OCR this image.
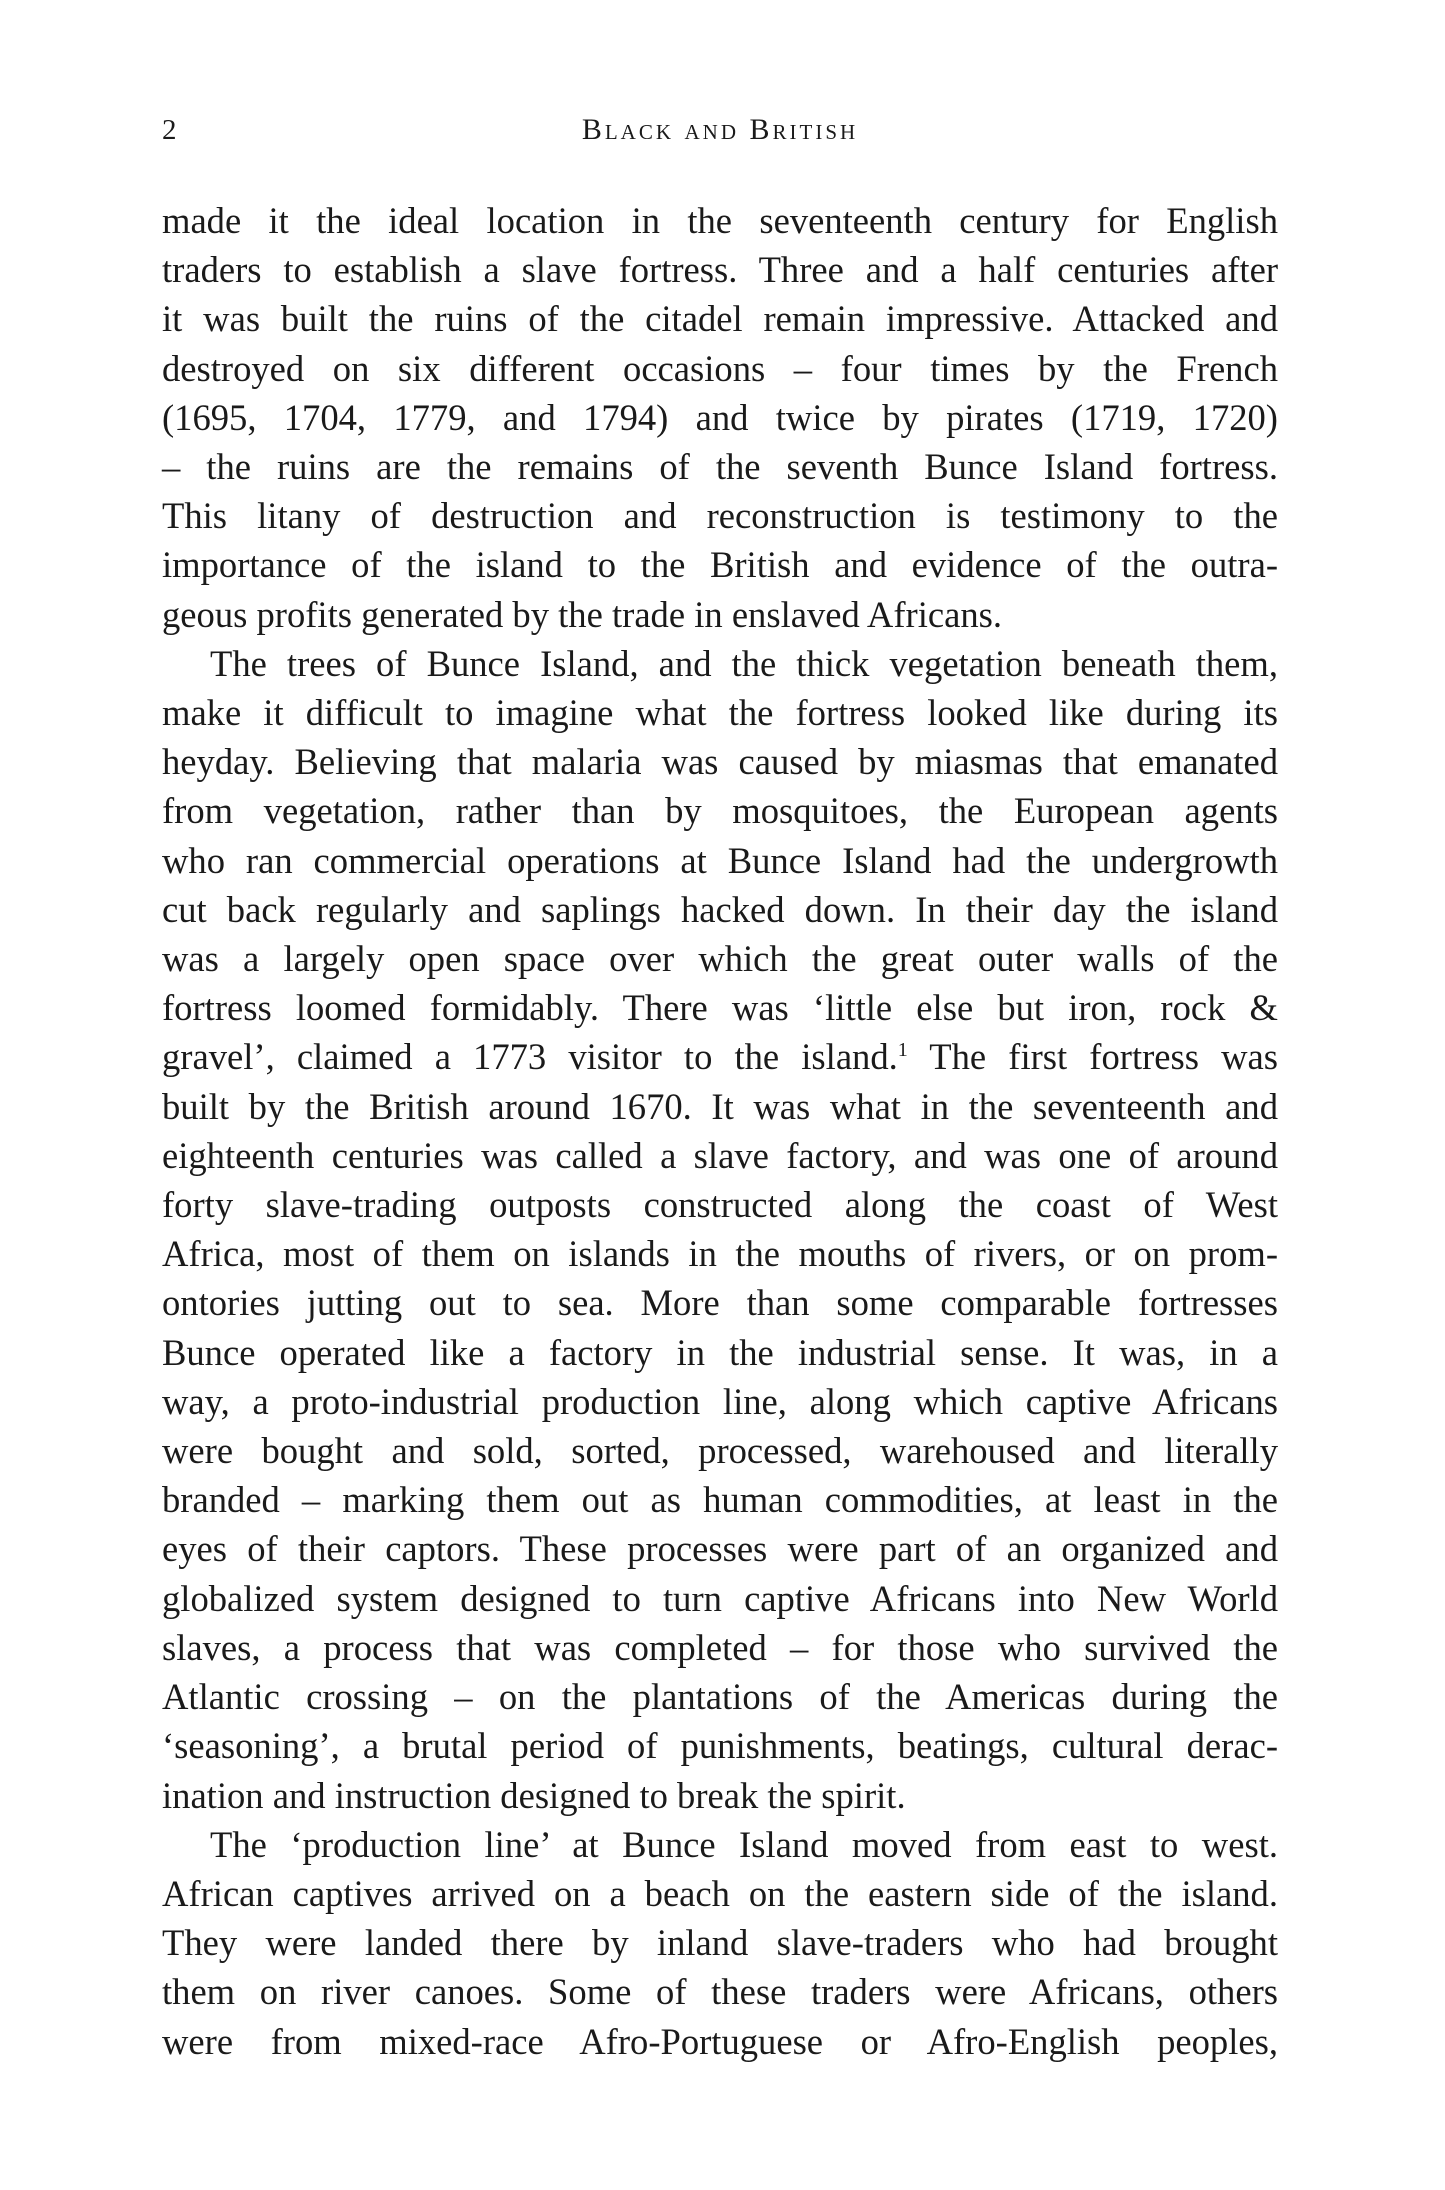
2	Black and British
made it the ideal location in the seventeenth century for English
traders to establish a slave fortress. Three and a half centuries after
it was built the ruins of the citadel remain impressive. Attacked and
destroyed on six different occasions – four times by the French
(1695, 1704, 1779, and 1794) and twice by pirates (1719, 1720)
– the ruins are the remains of the seventh Bunce Island fortress.
This litany of destruction and reconstruction is testimony to the
importance of the island to the British and evidence of the outra-
geous profits generated by the trade in enslaved Africans.
The trees of Bunce Island, and the thick vegetation beneath them,
make it difficult to imagine what the fortress looked like during its
heyday. Believing that malaria was caused by miasmas that emanated
from vegetation, rather than by mosquitoes, the European agents
who ran commercial operations at Bunce Island had the undergrowth
cut back regularly and saplings hacked down. In their day the island
was a largely open space over which the great outer walls of the
fortress loomed formidably. There was ‘little else but iron, rock &
gravel’, claimed a 1773 visitor to the island.$^1$ The first fortress was
built by the British around 1670. It was what in the seventeenth and
eighteenth centuries was called a slave factory, and was one of around
forty slave-trading outposts constructed along the coast of West
Africa, most of them on islands in the mouths of rivers, or on prom-
ontories jutting out to sea. More than some comparable fortresses
Bunce operated like a factory in the industrial sense. It was, in a
way, a proto-industrial production line, along which captive Africans
were bought and sold, sorted, processed, warehoused and literally
branded – marking them out as human commodities, at least in the
eyes of their captors. These processes were part of an organized and
globalized system designed to turn captive Africans into New World
slaves, a process that was completed – for those who survived the
Atlantic crossing – on the plantations of the Americas during the
‘seasoning’, a brutal period of punishments, beatings, cultural derac-
ination and instruction designed to break the spirit.
The ‘production line’ at Bunce Island moved from east to west.
African captives arrived on a beach on the eastern side of the island.
They were landed there by inland slave-traders who had brought
them on river canoes. Some of these traders were Africans, others
were from mixed-race Afro-Portuguese or Afro-English peoples,
